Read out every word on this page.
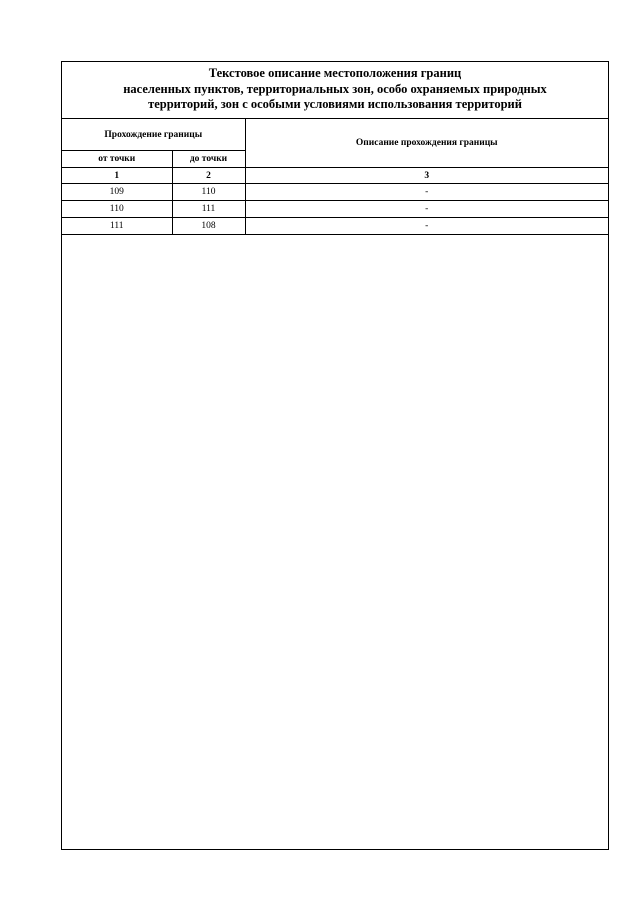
Текстовое описание местоположения границ
населенных пунктов, территориальных зон, особо охраняемых природных
территорий, зон с особыми условиями использования территорий
Прохождение границы		Описание прохождения границы
от точки	до точки	
1	2	3
109	110	-
110	111	-
111	108	-
